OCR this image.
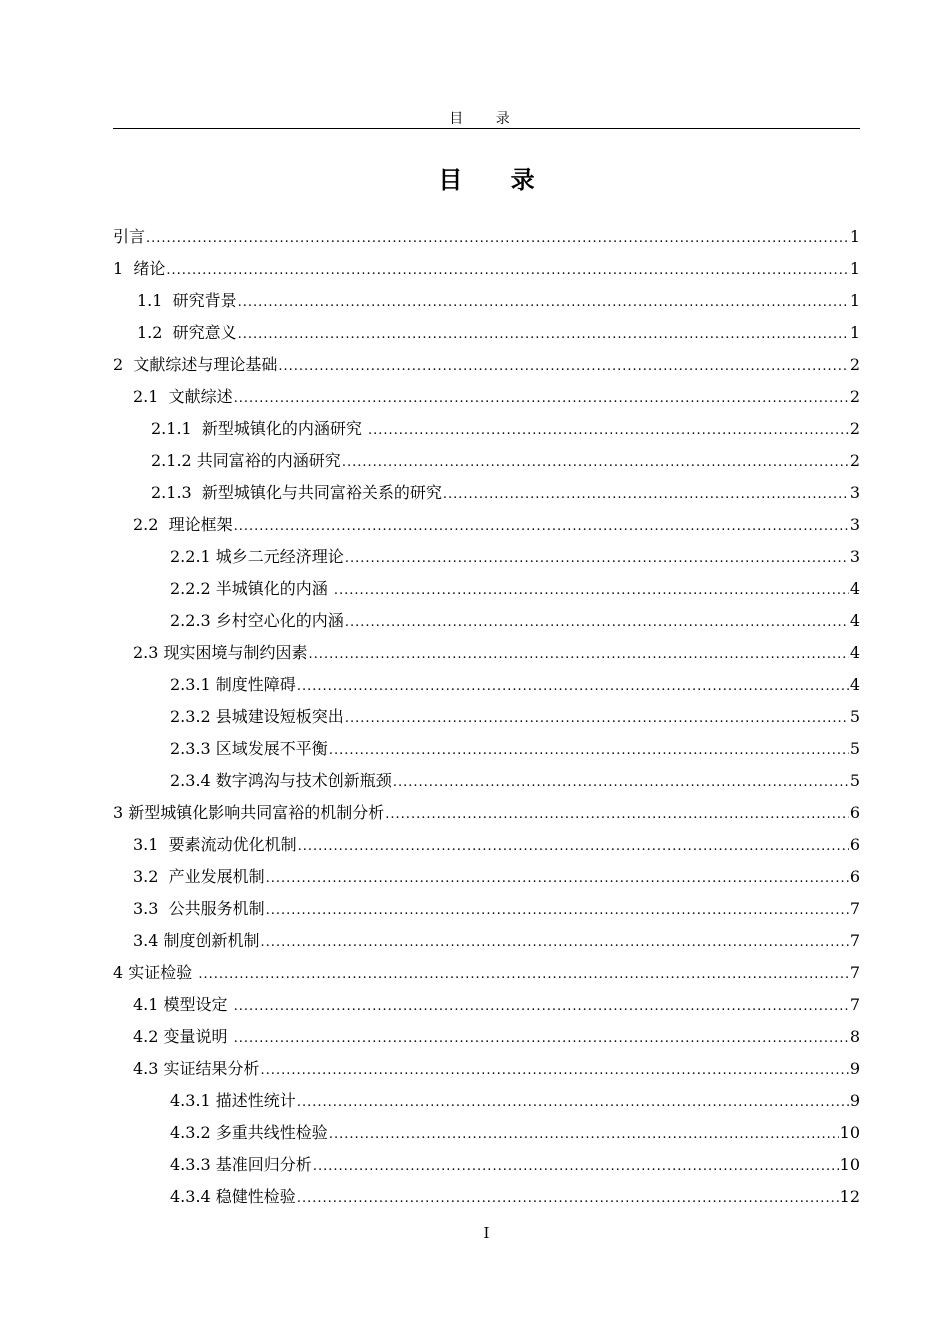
目 录
目 录
引言 .....	1
1  绪论 .....	1
1.1  研究背景 .....	1
1.2  研究意义 .....	1
2  文献综述与理论基础 .....	2
2.1  文献综述 .....	2
2.1.1  新型城镇化的内涵研究 .....	2
2.1.2 共同富裕的内涵研究 .....	2
2.1.3  新型城镇化与共同富裕关系的研究 .....	3
2.2  理论框架 .....	3
2.2.1 城乡二元经济理论 .....	3
2.2.2 半城镇化的内涵 .....	4
2.2.3 乡村空心化的内涵 .....	4
2.3 现实困境与制约因素 .....	4
2.3.1 制度性障碍 .....	4
2.3.2 县城建设短板突出 .....	5
2.3.3 区域发展不平衡 .....	5
2.3.4 数字鸿沟与技术创新瓶颈 .....	5
3 新型城镇化影响共同富裕的机制分析 .....	6
3.1  要素流动优化机制 .....	6
3.2  产业发展机制 .....	6
3.3  公共服务机制 .....	7
3.4 制度创新机制 .....	7
4 实证检验 .....	7
4.1 模型设定 .....	7
4.2 变量说明 .....	8
4.3 实证结果分析 .....	9
4.3.1 描述性统计 .....	9
4.3.2 多重共线性检验 .....	10
4.3.3 基准回归分析 .....	10
4.3.4 稳健性检验 .....	12
I
